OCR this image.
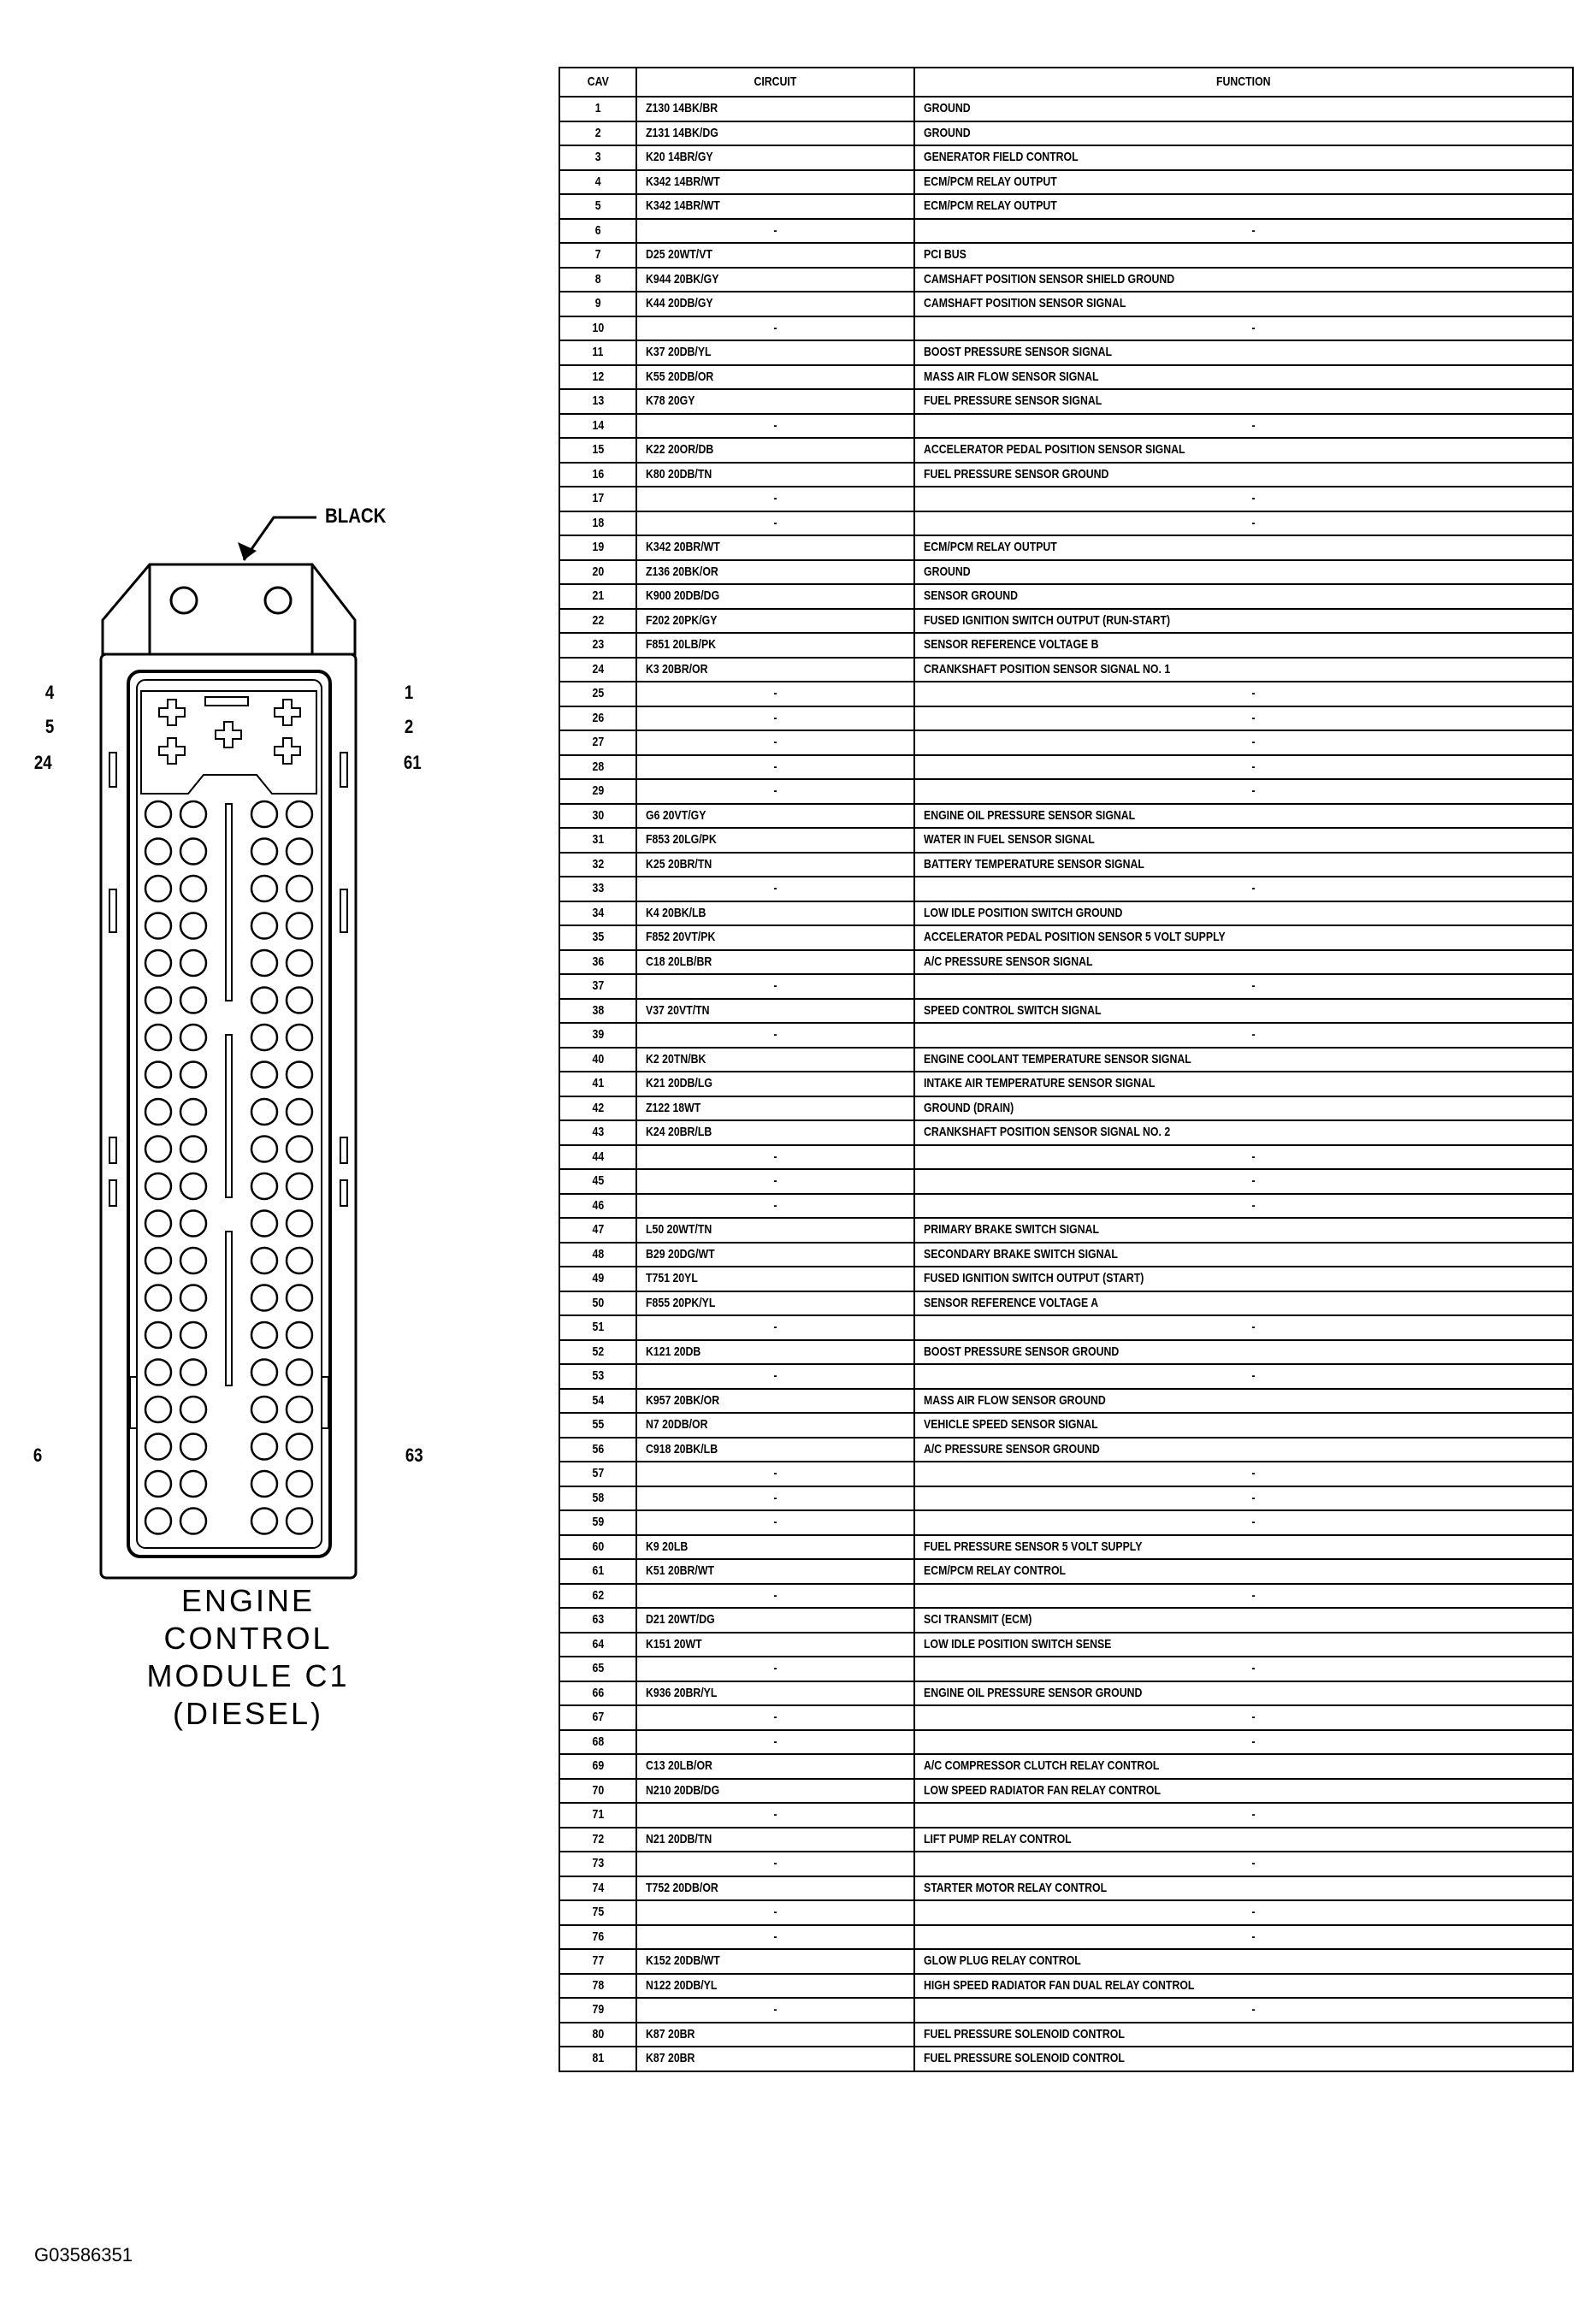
4
5
24
1
2
61
6	63
BLACK
ENGINE
CONTROL
MODULE C1
(DIESEL)
CAV	CIRCUIT	FUNCTION
1	Z130 14BK/BR	GROUND
2	Z131 14BK/DG	GROUND
3	K20 14BR/GY	GENERATOR FIELD CONTROL
4	K342 14BR/WT	ECM/PCM RELAY OUTPUT
5	K342 14BR/WT	ECM/PCM RELAY OUTPUT
6	-	-
7	D25 20WT/VT	PCI BUS
8	K944 20BK/GY	CAMSHAFT POSITION SENSOR SHIELD GROUND
9	K44 20DB/GY	CAMSHAFT POSITION SENSOR SIGNAL
10	-	-
11	K37 20DB/YL	BOOST PRESSURE SENSOR SIGNAL
12	K55 20DB/OR	MASS AIR FLOW SENSOR SIGNAL
13	K78 20GY	FUEL PRESSURE SENSOR SIGNAL
14	-	-
15	K22 20OR/DB	ACCELERATOR PEDAL POSITION SENSOR SIGNAL
16	K80 20DB/TN	FUEL PRESSURE SENSOR GROUND
17	-	-
18	-	-
19	K342 20BR/WT	ECM/PCM RELAY OUTPUT
20	Z136 20BK/OR	GROUND
21	K900 20DB/DG	SENSOR GROUND
22	F202 20PK/GY	FUSED IGNITION SWITCH OUTPUT (RUN-START)
23	F851 20LB/PK	SENSOR REFERENCE VOLTAGE B
24	K3 20BR/OR	CRANKSHAFT POSITION SENSOR SIGNAL NO. 1
25	-	-
26	-	-
27	-	-
28	-	-
29	-	-
30	G6 20VT/GY	ENGINE OIL PRESSURE SENSOR SIGNAL
31	F853 20LG/PK	WATER IN FUEL SENSOR SIGNAL
32	K25 20BR/TN	BATTERY TEMPERATURE SENSOR SIGNAL
33	-	-
34	K4 20BK/LB	LOW IDLE POSITION SWITCH GROUND
35	F852 20VT/PK	ACCELERATOR PEDAL POSITION SENSOR 5 VOLT SUPPLY
36	C18 20LB/BR	A/C PRESSURE SENSOR SIGNAL
37	-	-
38	V37 20VT/TN	SPEED CONTROL SWITCH SIGNAL
39	-	-
40	K2 20TN/BK	ENGINE COOLANT TEMPERATURE SENSOR SIGNAL
41	K21 20DB/LG	INTAKE AIR TEMPERATURE SENSOR SIGNAL
42	Z122 18WT	GROUND (DRAIN)
43	K24 20BR/LB	CRANKSHAFT POSITION SENSOR SIGNAL NO. 2
44	-	-
45	-	-
46	-	-
47	L50 20WT/TN	PRIMARY BRAKE SWITCH SIGNAL
48	B29 20DG/WT	SECONDARY BRAKE SWITCH SIGNAL
49	T751 20YL	FUSED IGNITION SWITCH OUTPUT (START)
50	F855 20PK/YL	SENSOR REFERENCE VOLTAGE A
51	-	-
52	K121 20DB	BOOST PRESSURE SENSOR GROUND
53	-	-
54	K957 20BK/OR	MASS AIR FLOW SENSOR GROUND
55	N7 20DB/OR	VEHICLE SPEED SENSOR SIGNAL
56	C918 20BK/LB	A/C PRESSURE SENSOR GROUND
57	-	-
58	-	-
59	-	-
60	K9 20LB	FUEL PRESSURE SENSOR 5 VOLT SUPPLY
61	K51 20BR/WT	ECM/PCM RELAY CONTROL
62	-	-
63	D21 20WT/DG	SCI TRANSMIT (ECM)
64	K151 20WT	LOW IDLE POSITION SWITCH SENSE
65	-	-
66	K936 20BR/YL	ENGINE OIL PRESSURE SENSOR GROUND
67	-	-
68	-	-
69	C13 20LB/OR	A/C COMPRESSOR CLUTCH RELAY CONTROL
70	N210 20DB/DG	LOW SPEED RADIATOR FAN RELAY CONTROL
71	-	-
72	N21 20DB/TN	LIFT PUMP RELAY CONTROL
73	-	-
74	T752 20DB/OR	STARTER MOTOR RELAY CONTROL
75	-	-
76	-	-
77	K152 20DB/WT	GLOW PLUG RELAY CONTROL
78	N122 20DB/YL	HIGH SPEED RADIATOR FAN DUAL RELAY CONTROL
79	-	-
80	K87 20BR	FUEL PRESSURE SOLENOID CONTROL
81	K87 20BR	FUEL PRESSURE SOLENOID CONTROL
G03586351
